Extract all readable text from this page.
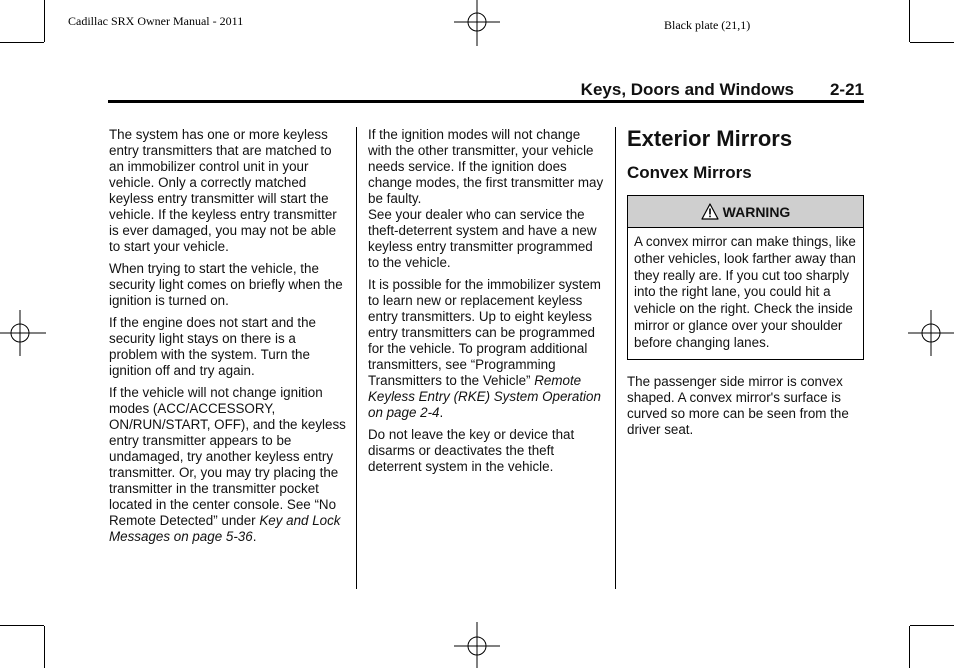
Cadillac SRX Owner Manual - 2011	Black plate (21,1)
Keys, Doors and Windows 2-21

The system has one or more keyless entry transmitters that are matched to an immobilizer control unit in your vehicle. Only a correctly matched keyless entry transmitter will start the vehicle. If the keyless entry transmitter is ever damaged, you may not be able to start your vehicle.

When trying to start the vehicle, the security light comes on briefly when the ignition is turned on.

If the engine does not start and the security light stays on there is a problem with the system. Turn the ignition off and try again.

If the vehicle will not change ignition modes (ACC/ACCESSORY, ON/RUN/START, OFF), and the keyless entry transmitter appears to be undamaged, try another keyless entry transmitter. Or, you may try placing the transmitter in the transmitter pocket located in the center console. See “No Remote Detected” under Key and Lock Messages on page 5-36.

If the ignition modes will not change with the other transmitter, your vehicle needs service. If the ignition does change modes, the first transmitter may be faulty.

See your dealer who can service the theft-deterrent system and have a new keyless entry transmitter programmed to the vehicle.

It is possible for the immobilizer system to learn new or replacement keyless entry transmitters. Up to eight keyless entry transmitters can be programmed for the vehicle. To program additional transmitters, see “Programming Transmitters to the Vehicle” Remote Keyless Entry (RKE) System Operation on page 2-4.

Do not leave the key or device that disarms or deactivates the theft deterrent system in the vehicle.

Exterior Mirrors
Convex Mirrors
WARNING
A convex mirror can make things, like other vehicles, look farther away than they really are. If you cut too sharply into the right lane, you could hit a vehicle on the right. Check the inside mirror or glance over your shoulder before changing lanes.

The passenger side mirror is convex shaped. A convex mirror's surface is curved so more can be seen from the driver seat.
